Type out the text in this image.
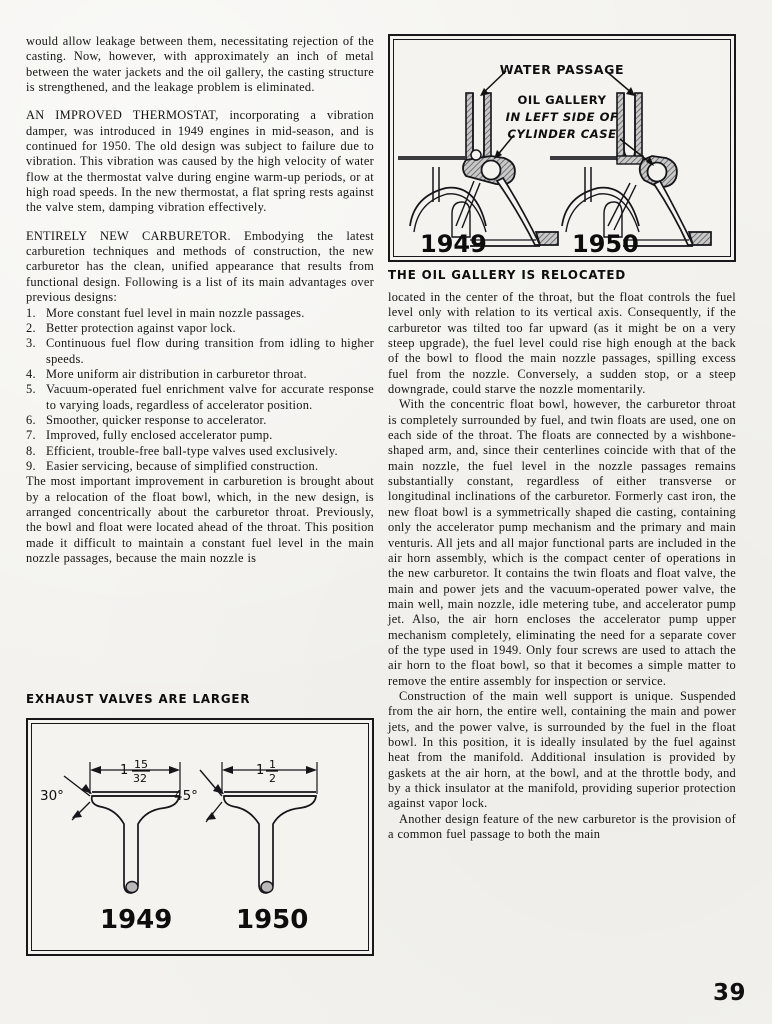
would allow leakage between them, necessitating rejection of the casting. Now, however, with approximately an inch of metal between the water jackets and the oil gallery, the casting structure is strengthened, and the leakage problem is eliminated.

AN IMPROVED THERMOSTAT, incorporating a vibration damper, was introduced in 1949 engines in mid-season, and is continued for 1950. The old design was subject to failure due to vibration. This vibration was caused by the high velocity of water flow at the thermostat valve during engine warm-up periods, or at high road speeds. In the new thermostat, a flat spring rests against the valve stem, damping vibration effectively.

ENTIRELY NEW CARBURETOR. Embodying the latest carburetion techniques and methods of construction, the new carburetor has the clean, unified appearance that results from functional design. Following is a list of its main advantages over previous designs:

1. More constant fuel level in main nozzle passages.
2. Better protection against vapor lock.
3. Continuous fuel flow during transition from idling to higher speeds.
4. More uniform air distribution in carburetor throat.
5. Vacuum-operated fuel enrichment valve for accurate response to varying loads, regardless of accelerator position.
6. Smoother, quicker response to accelerator.
7. Improved, fully enclosed accelerator pump.
8. Efficient, trouble-free ball-type valves used exclusively.
9. Easier servicing, because of simplified construction.

The most important improvement in carburetion is brought about by a relocation of the float bowl, which, in the new design, is arranged concentrically about the carburetor throat. Previously, the bowl and float were located ahead of the throat. This position made it difficult to maintain a constant fuel level in the main nozzle passages, because the main nozzle is

located in the center of the throat, but the float controls the fuel level only with relation to its vertical axis. Consequently, if the carburetor was tilted too far upward (as it might be on a very steep upgrade), the fuel level could rise high enough at the back of the bowl to flood the main nozzle passages, spilling excess fuel from the nozzle. Conversely, a sudden stop, or a steep downgrade, could starve the nozzle momentarily.

With the concentric float bowl, however, the carburetor throat is completely surrounded by fuel, and twin floats are used, one on each side of the throat. The floats are connected by a wishbone-shaped arm, and, since their centerlines coincide with that of the main nozzle, the fuel level in the nozzle passages remains substantially constant, regardless of either transverse or longitudinal inclinations of the carburetor. Formerly cast iron, the new float bowl is a symmetrically shaped die casting, containing only the accelerator pump mechanism and the primary and main venturis. All jets and all major functional parts are included in the air horn assembly, which is the compact center of operations in the new carburetor. It contains the twin floats and float valve, the main and power jets and the vacuum-operated power valve, the main well, main nozzle, idle metering tube, and accelerator pump jet. Also, the air horn encloses the accelerator pump upper mechanism completely, eliminating the need for a separate cover of the type used in 1949. Only four screws are used to attach the air horn to the float bowl, so that it becomes a simple matter to remove the entire assembly for inspection or service.

Construction of the main well support is unique. Suspended from the air horn, the entire well, containing the main and power jets, and the power valve, is surrounded by the fuel in the float bowl. In this position, it is ideally insulated by the fuel against heat from the manifold. Additional insulation is provided by gaskets at the air horn, at the bowl, and at the throttle body, and by a thick insulator at the manifold, providing superior protection against vapor lock.

Another design feature of the new carburetor is the provision of a common fuel passage to both the main

WATER PASSAGE
OIL GALLERY
IN LEFT SIDE OF
CYLINDER CASE
1949	1950
THE OIL GALLERY IS RELOCATED
EXHAUST VALVES ARE LARGER
1 15
32
30°
1 1
2
45°
1949 1950
39
